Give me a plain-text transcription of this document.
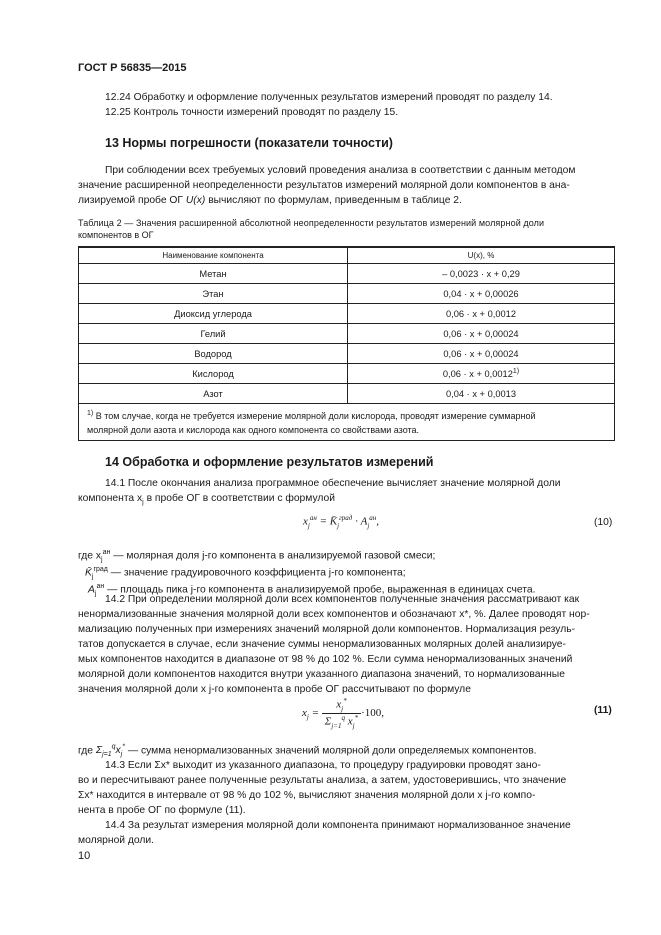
ГОСТ Р 56835—2015
12.24 Обработку и оформление полученных результатов измерений проводят по разделу 14.
12.25 Контроль точности измерений проводят по разделу 15.
13 Нормы погрешности (показатели точности)
При соблюдении всех требуемых условий проведения анализа в соответствии с данным методом
значение расширенной неопределенности результатов измерений молярной доли компонентов в ана-
лизируемой пробе ОГ U(x) вычисляют по формулам, приведенным в таблице 2.
Таблица 2 — Значения расширенной абсолютной неопределенности результатов измерений молярной доли
компонентов в ОГ
Наименование компонента	U(x), %
Метан	– 0,0023 · x + 0,29
Этан	0,04 · x + 0,00026
Диоксид углерода	0,06 · x + 0,0012
Гелий	0,06 · x + 0,00024
Водород	0,06 · x + 0,00024
Кислород	$0,06 \cdot x + 0,0012^{1)}$
Азот	0,04 · x + 0,0013
$^{1)}$ В том случае, когда не требуется измерение молярной доли кислорода, проводят измерение суммарной
молярной доли азота и кислорода как одного компонента со свойствами азота.	
14 Обработка и оформление результатов измерений
14.1 После окончания анализа программное обеспечение вычисляет значение молярной доли
компонента $x_j$ в пробе ОГ в соответствии с формулой
$x_j^{ан}$ = $K̄_j^{град} \cdot A_j^{ан}$,	(10)
где $x_j^{ан}$ — молярная доля j-го компонента в анализируемой газовой смеси;
$K̄_j^{град}$ — значение градуировочного коэффициента j-го компонента;
$A_j^{ан}$ — площадь пика j-го компонента в анализируемой пробе, выраженная в единицах счета.
14.2 При определении молярной доли всех компонентов полученные значения рассматривают как
ненормализованные значения молярной доли всех компонентов и обозначают x*, %. Далее проводят нор-
мализацию полученных при измерениях значений молярной доли компонентов. Нормализация резуль-
татов допускается в случае, если значение суммы ненормализованных молярных долей анализируе-
мых компонентов находится в диапазоне от 98 % до 102 %. Если сумма ненормализованных значений
молярной доли компонентов находится внутри указанного диапазона значений, то нормализованные
значения молярной доли x j-го компонента в пробе ОГ рассчитывают по формуле
$x_j = \frac{x_j^*}{\Sigma_{j=1}^q x_j^*} \cdot 100$,	(11)
где $\Sigma_{j=1}^qx_j^*$ — сумма ненормализованных значений молярной доли определяемых компонентов.
14.3 Если Σx* выходит из указанного диапазона, то процедуру градуировки проводят зано-
во и пересчитывают ранее полученные результаты анализа, а затем, удостоверившись, что значение
Σx* находится в интервале от 98 % до 102 %, вычисляют значения молярной доли x j-го компо-
нента в пробе ОГ по формуле (11).
14.4 За результат измерения молярной доли компонента принимают нормализованное значение
молярной доли.
10
